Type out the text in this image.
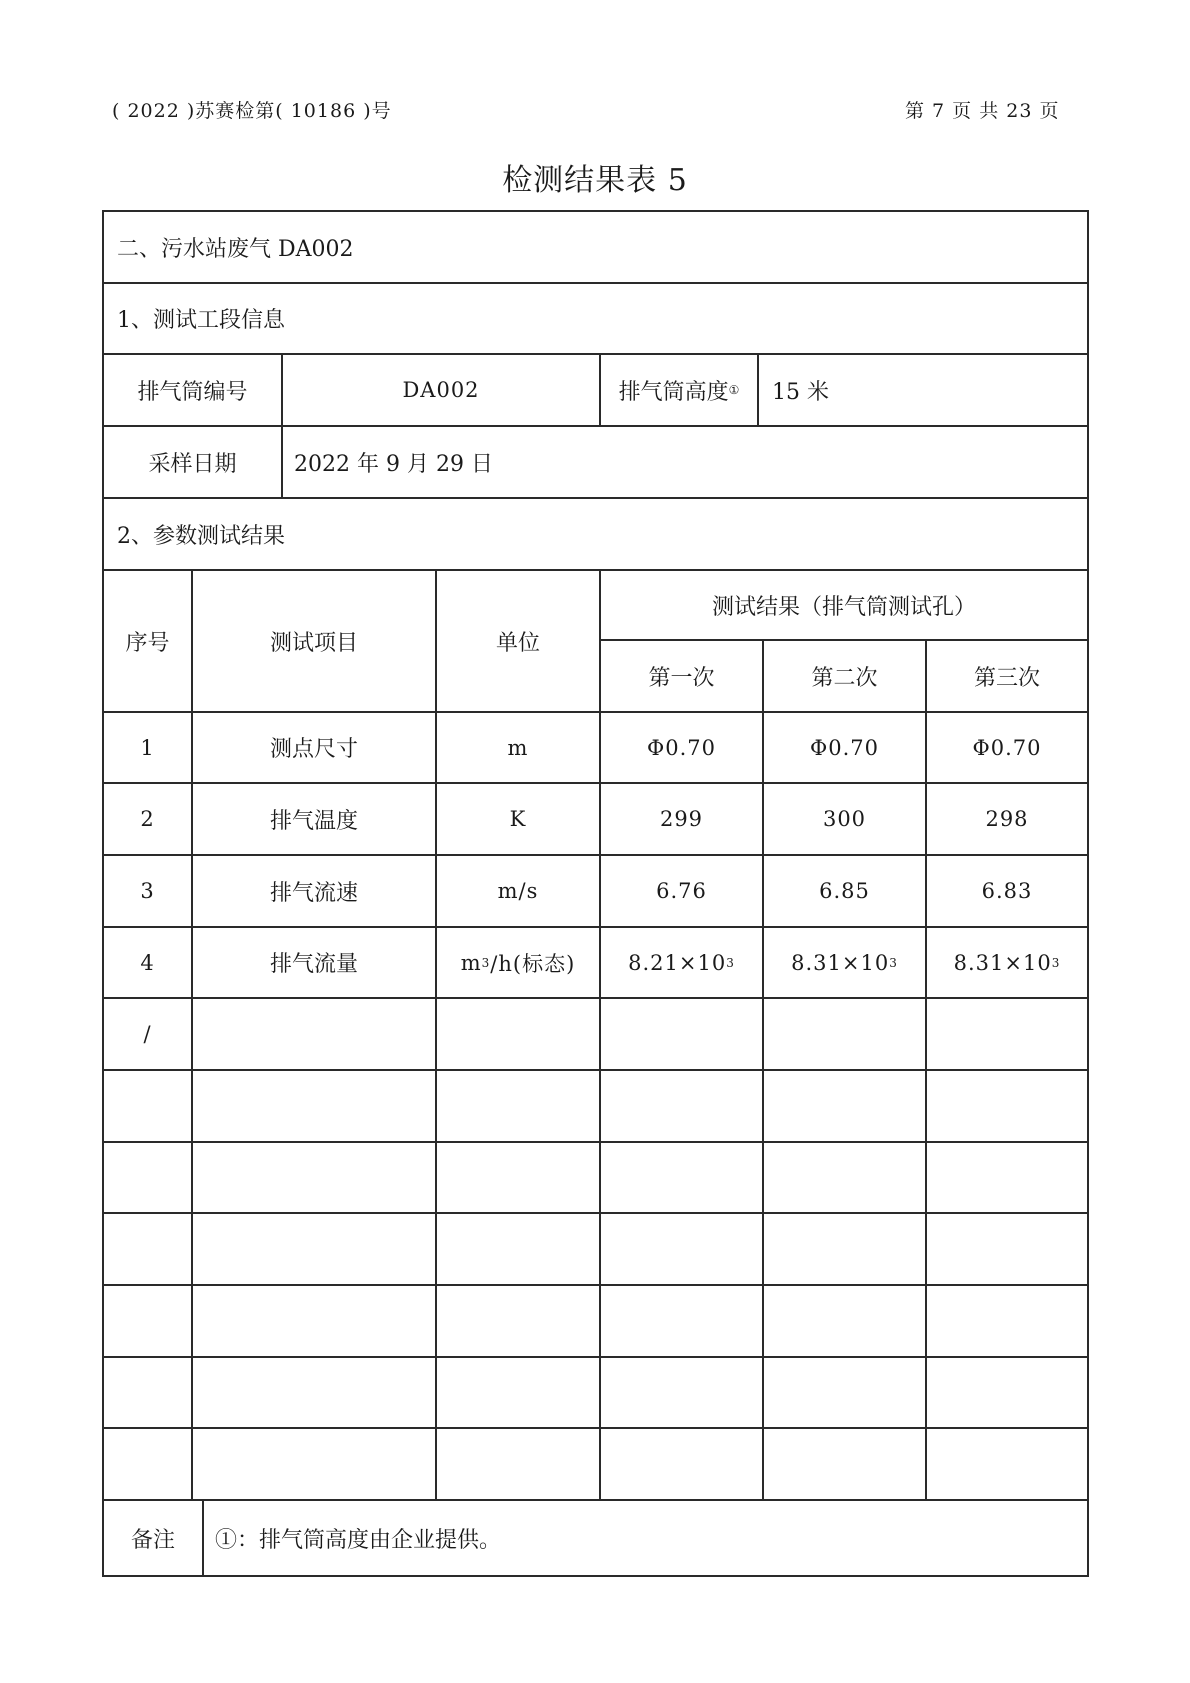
( 2022 )苏赛检第( 10186 )号	第 7 页 共 23 页
检测结果表 5
二、污水站废气 DA002
1、测试工段信息
排气筒编号	DA002	排气筒高度 ①	15 米
采样日期	2022 年 9 月 29 日
2、参数测试结果
序号	测试项目	单位
测试结果（排气筒测试孔）
第一次	第二次	第三次
1	测点尺寸	m	Φ0.70	Φ0.70	Φ0.70
2	排气温度	K	299	300	298
3	排气流速	m/s	6.76	6.85	6.83
4	排气流量	m 3 /h(标态)	8.21×10 3	8.31×10 3	8.31×10 3
/
备注	①：排气筒高度由企业提供。
